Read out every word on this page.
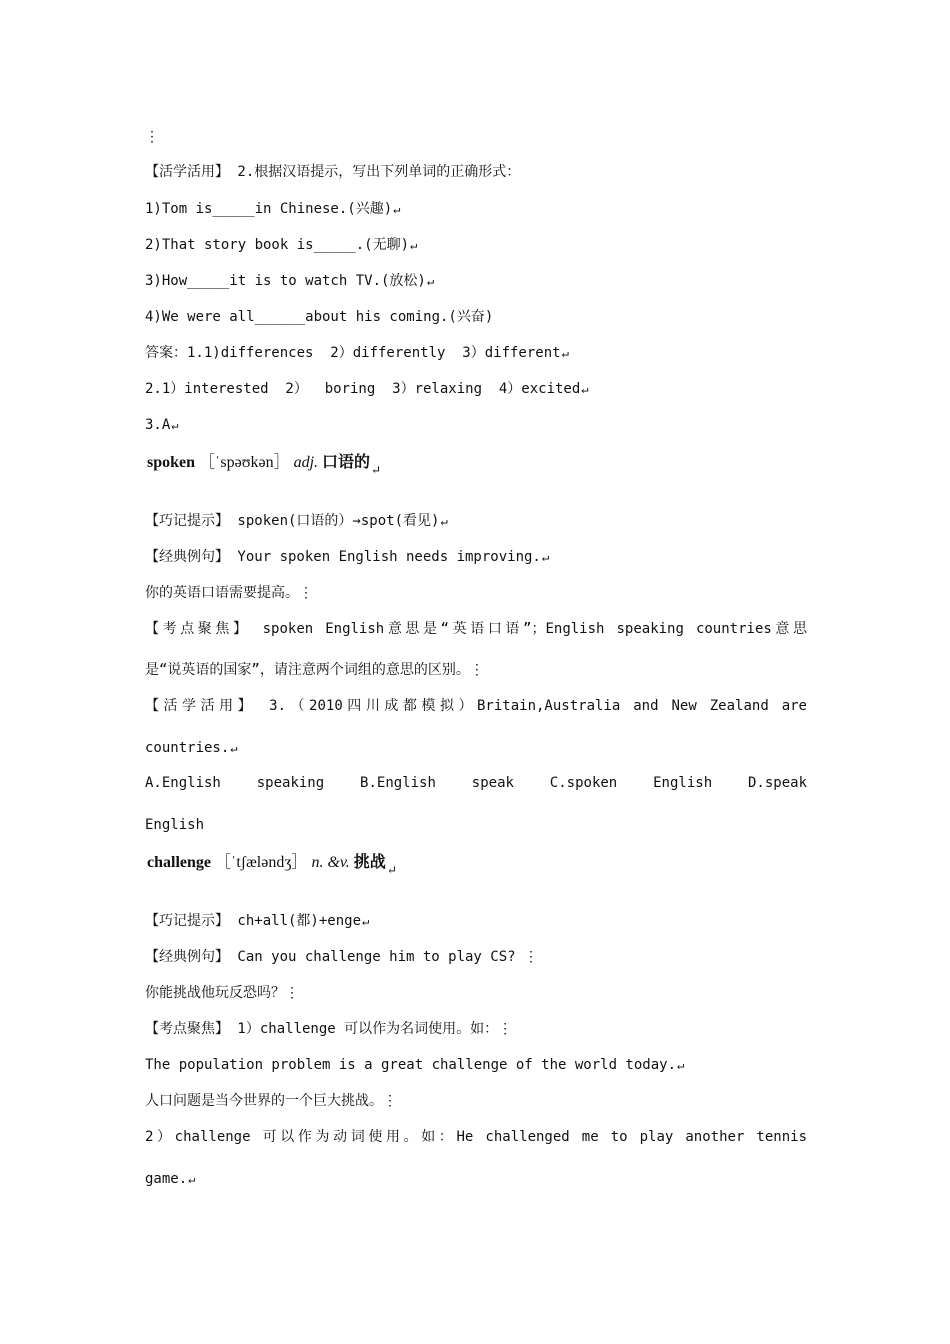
⋮
【活学活用】 2.根据汉语提示，写出下列单词的正确形式：
1)Tom is_____in Chinese.(兴趣)↵
2)That story book is_____.(无聊)↵
3)How_____it is to watch TV.(放松)↵
4)We were all______about his coming.(兴奋)
答案：1.1)differences  2）differently  3）different↵
2.1）interested  2）  boring  3）relaxing  4）excited↵
3.A↵
【巧记提示】 spoken(口语的）→spot(看见)↵
【经典例句】 Your spoken English needs improving.↵
你的英语口语需要提高。⋮
【考点聚焦】 spoken English意思是“英语口语”；English speaking countries意思
是“说英语的国家”，请注意两个词组的意思的区别。⋮
【活学活用】 3.（2010四川成都模拟）Britain,Australia and New Zealand are
countries.↵
A.English speaking B.English speak C.spoken English D.speak
English
【巧记提示】 ch+all(都)+enge↵
【经典例句】 Can you challenge him to play CS? ⋮
你能挑战他玩反恐吗？⋮
【考点聚焦】 1）challenge 可以作为名词使用。如：⋮
The population problem is a great challenge of the world today.↵
人口问题是当今世界的一个巨大挑战。⋮
2）challenge 可以作为动词使用。如：He challenged me to play another tennis
game.↵
spoken ［ˈspəʊkən］ adj. 口语的$_↵$
challenge ［ˈtʃæləndʒ］ n. &v. 挑战$_↵$
